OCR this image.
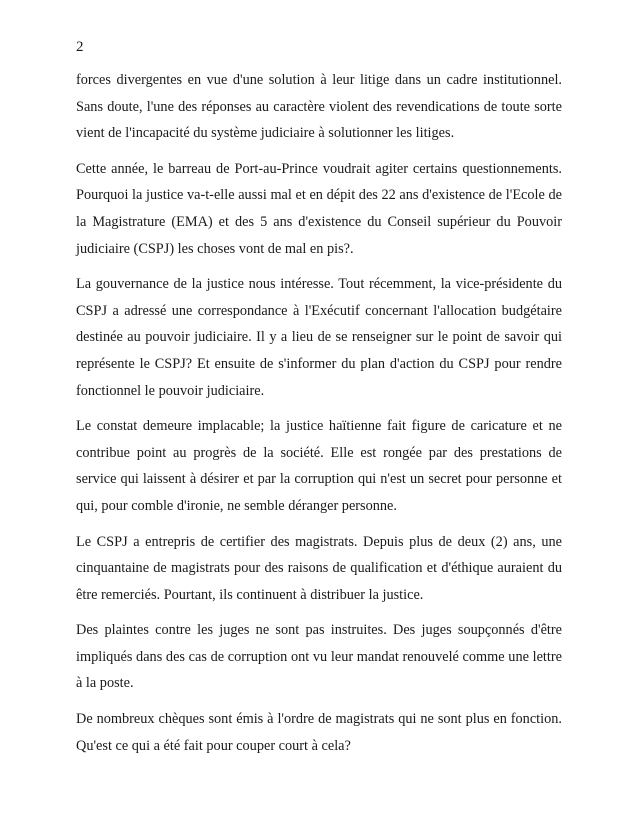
2

forces divergentes en vue d'une solution à leur litige dans un cadre institutionnel. Sans doute, l'une des réponses au caractère violent des revendications de toute sorte vient de l'incapacité du système judiciaire à solutionner les litiges.

Cette année, le barreau de Port-au-Prince voudrait agiter certains questionnements. Pourquoi la justice va-t-elle aussi mal et en dépit des 22 ans d'existence de l'Ecole de la Magistrature (EMA) et des 5 ans d'existence du Conseil supérieur du Pouvoir judiciaire (CSPJ) les choses vont de mal en pis?.

La gouvernance de la justice nous intéresse. Tout récemment, la vice-présidente du CSPJ a adressé une correspondance à l'Exécutif concernant l'allocation budgétaire destinée au pouvoir judiciaire. Il y a lieu de se renseigner sur le point de savoir qui représente le CSPJ? Et ensuite de s'informer du plan d'action du CSPJ pour rendre fonctionnel le pouvoir judiciaire.

Le constat demeure implacable; la justice haïtienne fait figure de caricature et ne contribue point au progrès de la société. Elle est rongée par des prestations de service qui laissent à désirer et par la corruption qui n'est un secret pour personne et qui, pour comble d'ironie, ne semble déranger personne.

Le CSPJ a entrepris de certifier des magistrats. Depuis plus de deux (2) ans, une cinquantaine de magistrats pour des raisons de qualification et d'éthique auraient du être remerciés. Pourtant, ils continuent à distribuer la justice.

Des plaintes contre les juges ne sont pas instruites. Des juges soupçonnés d'être impliqués dans des cas de corruption ont vu leur mandat renouvelé comme une lettre à la poste.

De nombreux chèques sont émis à l'ordre de magistrats qui ne sont plus en fonction. Qu'est ce qui a été fait pour couper court à cela?
